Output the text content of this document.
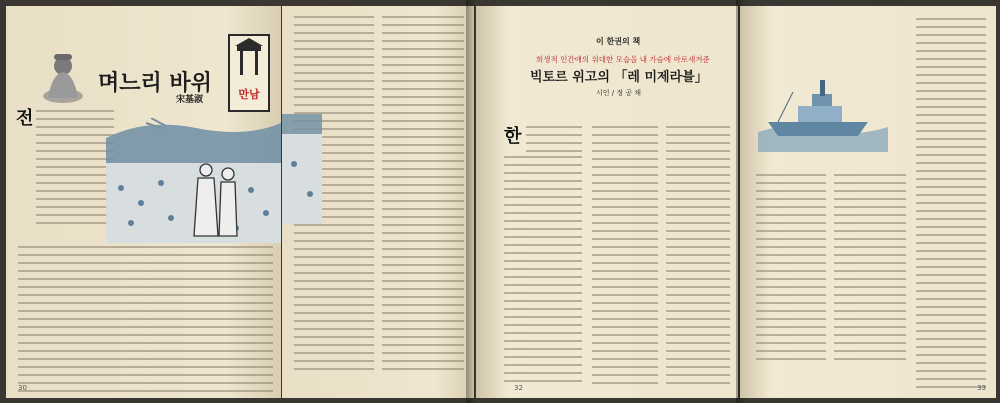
며느리 바위
宋基淑	만남
전
30
이 한권의 책
희생적 인간애의 위대한 모습을 내 가슴에 아로새겨준
빅토르 위고의 「레 미제라블」
시인 / 정 공 채
한
32	33
